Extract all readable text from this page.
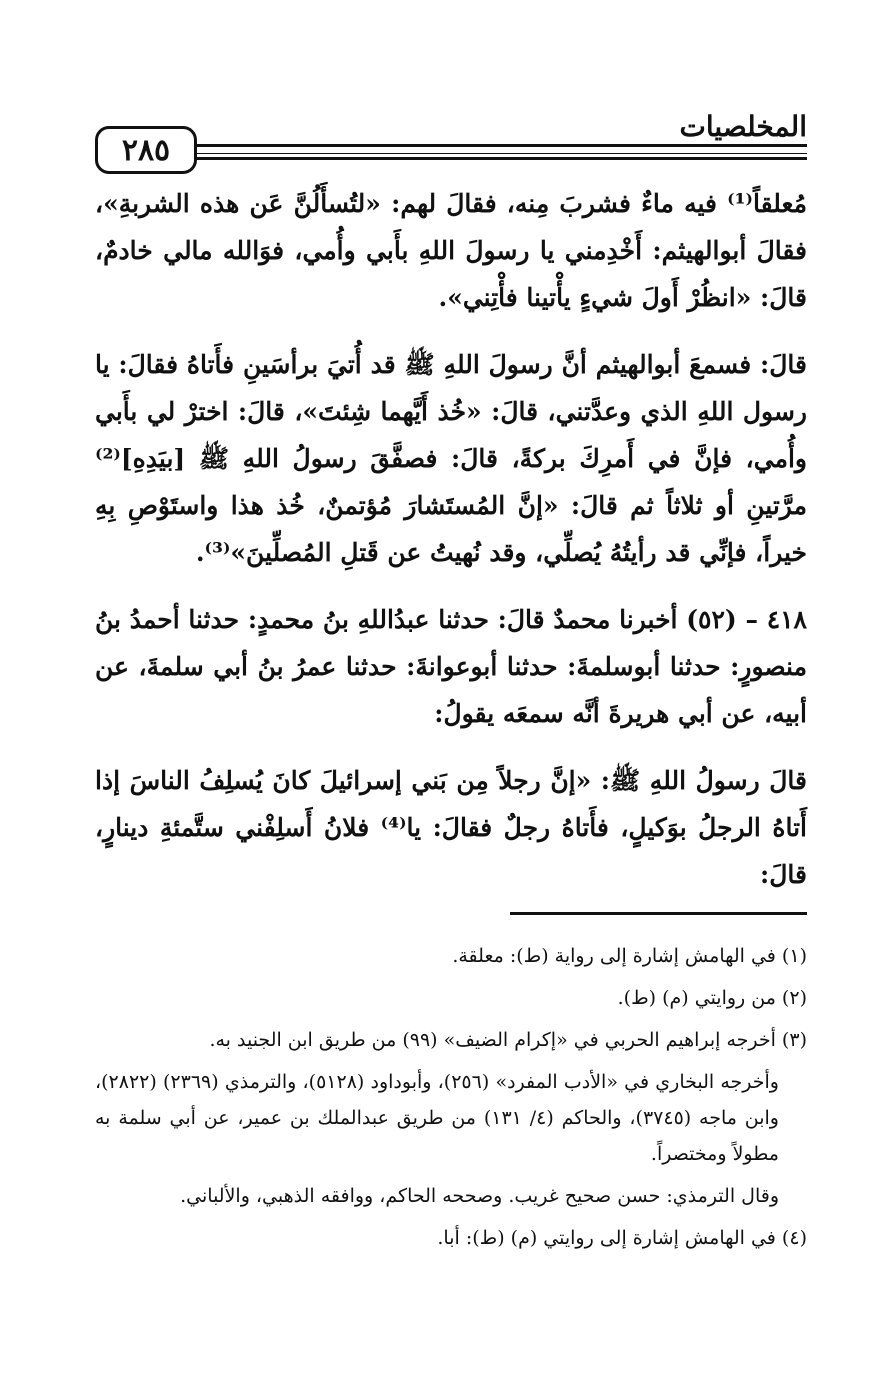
المخلصيات
٢٨٥

مُعلقاً⁽¹⁾ فيه ماءٌ فشربَ مِنه، فقالَ لهم: «لتُسأَلُنَّ عَن هذه الشربةِ»، فقالَ أبوالهيثم: أَخْدِمني يا رسولَ اللهِ بأَبي وأُمي، فوَالله مالي خادمٌ، قالَ: «انظُرْ أَولَ شيءٍ يأْتينا فأْتِني».

قالَ: فسمعَ أبوالهيثم أنَّ رسولَ اللهِ ﷺ قد أُتيَ برأسَينِ فأَتاهُ فقالَ: يا رسول اللهِ الذي وعدَّتني، قالَ: «خُذ أَيَّهما شِئتَ»، قالَ: اخترْ لي بأَبي وأُمي، فإنَّ في أَمرِكَ بركةً، قالَ: فصفَّقَ رسولُ اللهِ ﷺ [بيَدِهِ]⁽²⁾ مرَّتينِ أو ثلاثاً ثم قالَ: «إنَّ المُستَشارَ مُؤتمنٌ، خُذ هذا واستَوْصِ بِهِ خيراً، فإنِّي قد رأيتُهُ يُصلِّي، وقد نُهيتُ عن قَتلِ المُصلِّينَ»⁽³⁾.

٤١٨ – (٥٢) أخبرنا محمدٌ قالَ: حدثنا عبدُاللهِ بنُ محمدٍ: حدثنا أحمدُ بنُ منصورٍ: حدثنا أبوسلمةَ: حدثنا أبوعوانةَ: حدثنا عمرُ بنُ أبي سلمةَ، عن أبيه، عن أبي هريرةَ أنَّه سمعَه يقولُ:

قالَ رسولُ اللهِ ﷺ: «إنَّ رجلاً مِن بَني إسرائيلَ كانَ يُسلِفُ الناسَ إذا أَتاهُ الرجلُ بوَكيلٍ، فأَتاهُ رجلٌ فقالَ: يا⁽⁴⁾ فلانُ أَسلِفْني ستَّمئةِ دينارٍ، قالَ:

(١) في الهامش إشارة إلى رواية (ط): معلقة.

(٢) من روايتي (م) (ط).

(٣) أخرجه إبراهيم الحربي في «إكرام الضيف» (٩٩) من طريق ابن الجنيد به.

وأخرجه البخاري في «الأدب المفرد» (٢٥٦)، وأبوداود (٥١٢٨)، والترمذي (٢٣٦٩) (٢٨٢٢)، وابن ماجه (٣٧٤٥)، والحاكم (٤/ ١٣١) من طريق عبدالملك بن عمير، عن أبي سلمة به مطولاً ومختصراً.

وقال الترمذي: حسن صحيح غريب. وصححه الحاكم، ووافقه الذهبي، والألباني.

(٤) في الهامش إشارة إلى روايتي (م) (ط): أبا.
